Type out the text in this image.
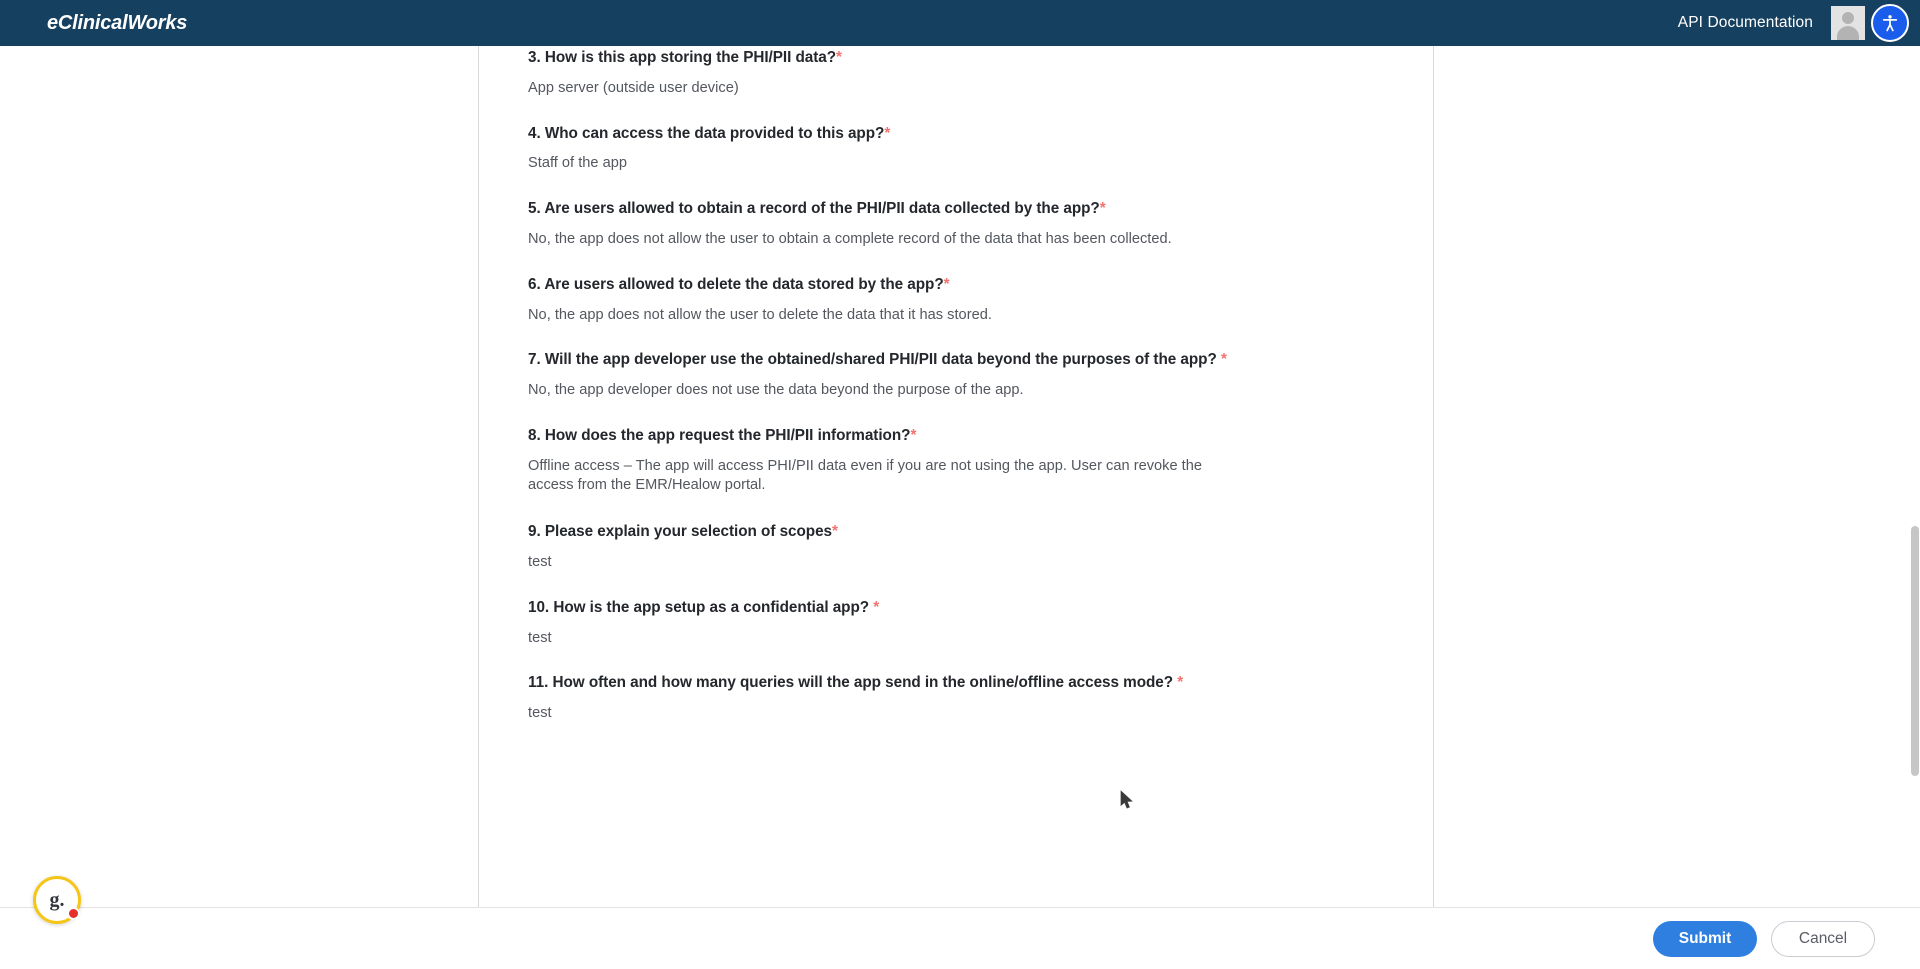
eClinicalWorks	API Documentation
3. How is this app storing the PHI/PII data?*
App server (outside user device)
4. Who can access the data provided to this app?*
Staff of the app
5. Are users allowed to obtain a record of the PHI/PII data collected by the app?*
No, the app does not allow the user to obtain a complete record of the data that has been collected.
6. Are users allowed to delete the data stored by the app?*
No, the app does not allow the user to delete the data that it has stored.
7. Will the app developer use the obtained/shared PHI/PII data beyond the purposes of the app? *
No, the app developer does not use the data beyond the purpose of the app.
8. How does the app request the PHI/PII information?*
Offline access – The app will access PHI/PII data even if you are not using the app. User can revoke the access from the EMR/Healow portal.
9. Please explain your selection of scopes*
test
10. How is the app setup as a confidential app? *
test
11. How often and how many queries will the app send in the online/offline access mode? *
test
Submit	Cancel
g.
